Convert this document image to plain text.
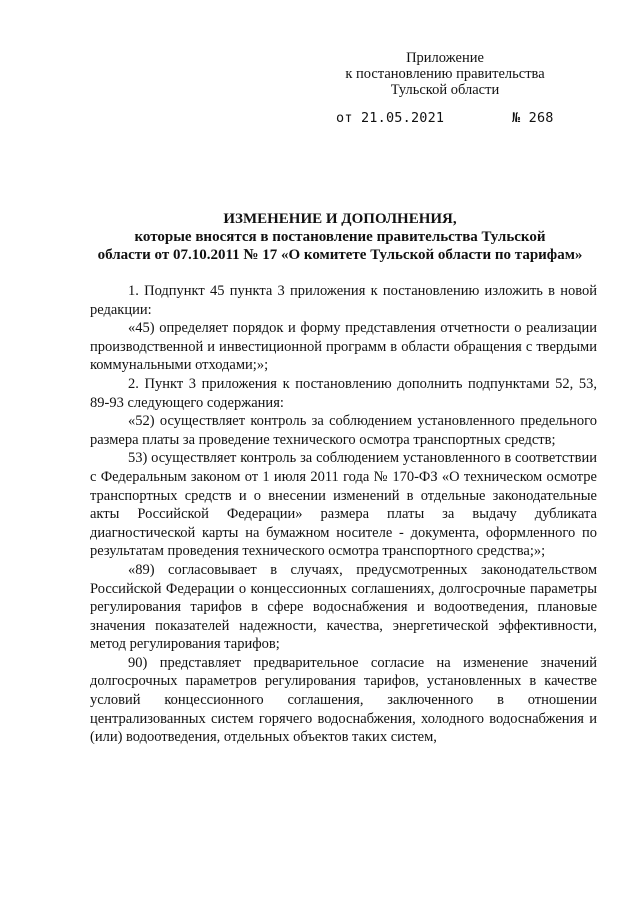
Приложение
к постановлению правительства
Тульской области
от 21.05.2021	№ 268
ИЗМЕНЕНИЕ И ДОПОЛНЕНИЯ,
которые вносятся в постановление правительства Тульской
области от 07.10.2011 № 17 «О комитете Тульской области по тарифам»

1. Подпункт 45 пункта 3 приложения к постановлению изложить в новой редакции:

«45) определяет порядок и форму представления отчетности о реализации производственной и инвестиционной программ в области обращения с твердыми коммунальными отходами;»;

2. Пункт 3 приложения к постановлению дополнить подпунктами 52, 53, 89-93 следующего содержания:

«52) осуществляет контроль за соблюдением установленного предельного размера платы за проведение технического осмотра транспортных средств;

53) осуществляет контроль за соблюдением установленного в соответствии с Федеральным законом от 1 июля 2011 года № 170-ФЗ «О техническом осмотре транспортных средств и о внесении изменений в отдельные законодательные акты Российской Федерации» размера платы за выдачу дубликата диагностической карты на бумажном носителе - документа, оформленного по результатам проведения технического осмотра транспортного средства;»;

«89) согласовывает в случаях, предусмотренных законодательством Российской Федерации о концессионных соглашениях, долгосрочные параметры регулирования тарифов в сфере водоснабжения и водоотведения, плановые значения показателей надежности, качества, энергетической эффективности, метод регулирования тарифов;

90) представляет предварительное согласие на изменение значений долгосрочных параметров регулирования тарифов, установленных в качестве условий концессионного соглашения, заключенного в отношении централизованных систем горячего водоснабжения, холодного водоснабжения и (или) водоотведения, отдельных объектов таких систем,
